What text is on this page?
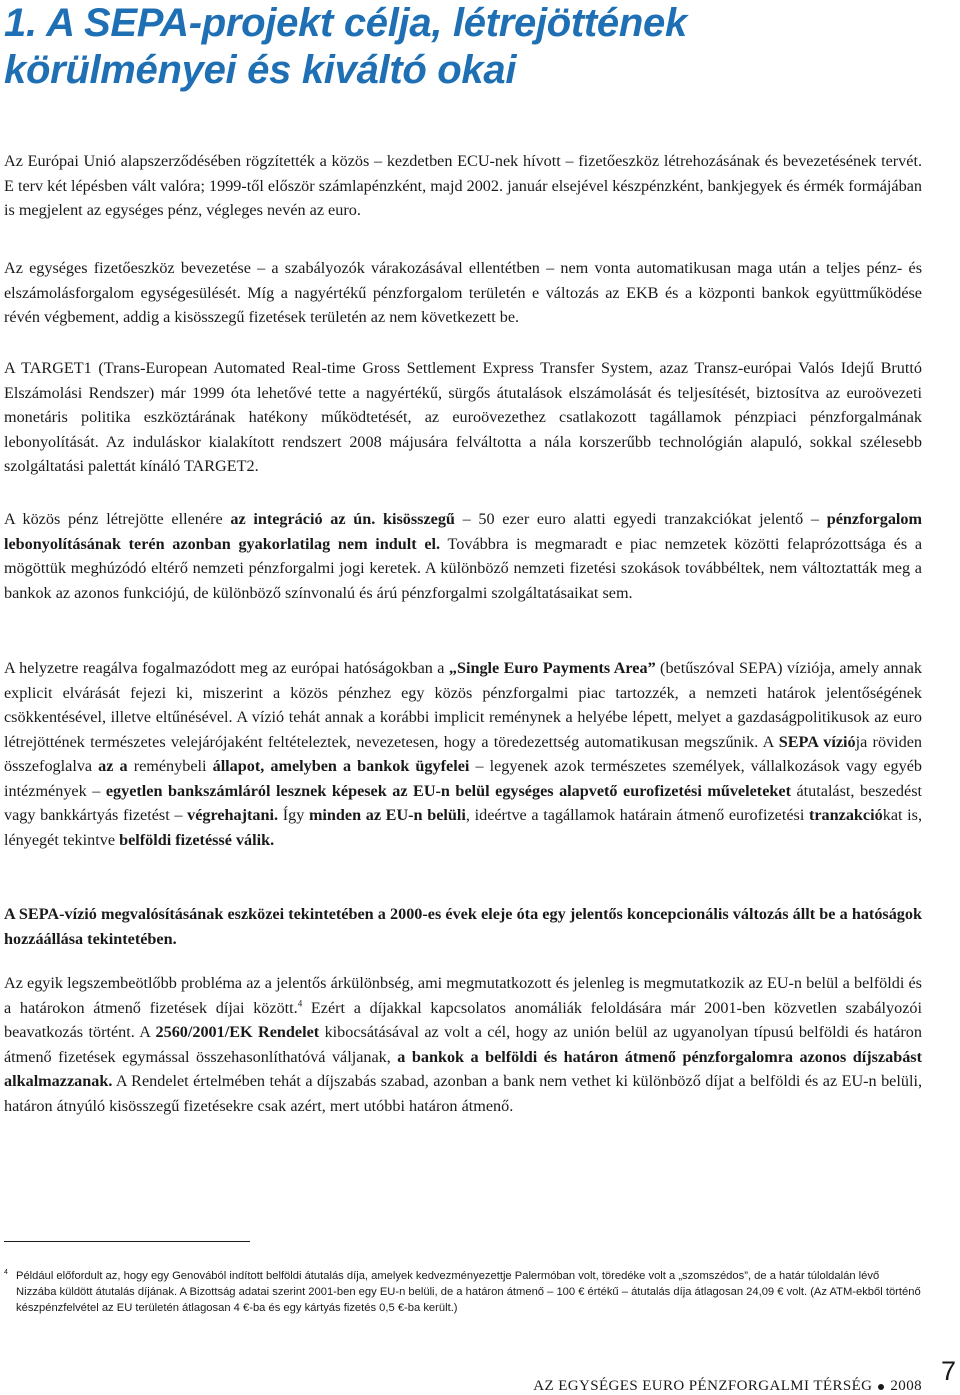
1. A SEPA-projekt célja, létrejöttének
körülményei és kiváltó okai

Az Európai Unió alapszerződésében rögzítették a közös – kezdetben ECU-nek hívott – fizetőeszköz létrehozásának és bevezetésének tervét. E terv két lépésben vált valóra; 1999-től először számlapénzként, majd 2002. január elsejével készpénzként, bankjegyek és érmék formájában is megjelent az egységes pénz, végleges nevén az euro.

Az egységes fizetőeszköz bevezetése – a szabályozók várakozásával ellentétben – nem vonta automatikusan maga után a teljes pénz- és elszámolásforgalom egységesülését. Míg a nagyértékű pénzforgalom területén e változás az EKB és a központi bankok együttműködése révén végbement, addig a kisösszegű fizetések területén az nem következett be.

A TARGET1 (Trans-European Automated Real-time Gross Settlement Express Transfer System, azaz Transz-európai Valós Idejű Bruttó Elszámolási Rendszer) már 1999 óta lehetővé tette a nagyértékű, sürgős átutalások elszámolását és teljesítését, biztosítva az euroövezeti monetáris politika eszköztárának hatékony működtetését, az euroövezethez csatlakozott tagállamok pénzpiaci pénzforgalmának lebonyolítását. Az induláskor kialakított rendszert 2008 májusára felváltotta a nála korszerűbb technológián alapuló, sokkal szélesebb szolgáltatási palettát kínáló TARGET2.

A közös pénz létrejötte ellenére az integráció az ún. kisösszegű – 50 ezer euro alatti egyedi tranzakciókat jelentő – pénzforgalom lebonyolításának terén azonban gyakorlatilag nem indult el. Továbbra is megmaradt e piac nemzetek közötti felaprózottsága és a mögöttük meghúzódó eltérő nemzeti pénzforgalmi jogi keretek. A különböző nemzeti fizetési szokások továbbéltek, nem változtatták meg a bankok az azonos funkciójú, de különböző színvonalú és árú pénzforgalmi szolgáltatásaikat sem.

A helyzetre reagálva fogalmazódott meg az európai hatóságokban a „Single Euro Payments Area” (betűszóval SEPA) víziója, amely annak explicit elvárását fejezi ki, miszerint a közös pénzhez egy közös pénzforgalmi piac tartozzék, a nemzeti határok jelentőségének csökkentésével, illetve eltűnésével. A vízió tehát annak a korábbi implicit reménynek a helyébe lépett, melyet a gazdaságpolitikusok az euro létrejöttének természetes velejárójaként feltételeztek, nevezetesen, hogy a töredezettség automatikusan megszűnik. A SEPA víziója röviden összefoglalva az a reménybeli állapot, amelyben a bankok ügyfelei – legyenek azok természetes személyek, vállalkozások vagy egyéb intézmények – egyetlen bankszámláról lesznek képesek az EU-n belül egységes alapvető eurofizetési műveleteket átutalást, beszedést vagy bankkártyás fizetést – végrehajtani. Így minden az EU-n belüli, ideértve a tagállamok határain átmenő eurofizetési tranzakciókat is, lényegét tekintve belföldi fizetéssé válik.

A SEPA-vízió megvalósításának eszközei tekintetében a 2000-es évek eleje óta egy jelentős koncepcionális változás állt be a hatóságok hozzáállása tekintetében.

Az egyik legszembeötlőbb probléma az a jelentős árkülönbség, ami megmutatkozott és jelenleg is megmutatkozik az EU-n belül a belföldi és a határokon átmenő fizetések díjai között.$^4$ Ezért a díjakkal kapcsolatos anomáliák feloldására már 2001-ben közvetlen szabályozói beavatkozás történt. A 2560/2001/EK Rendelet kibocsátásával az volt a cél, hogy az unión belül az ugyanolyan típusú belföldi és határon átmenő fizetések egymással összehasonlíthatóvá váljanak, a bankok a belföldi és határon átmenő pénzforgalomra azonos díjszabást alkalmazzanak. A Rendelet értelmében tehát a díjszabás szabad, azonban a bank nem vethet ki különböző díjat a belföldi és az EU-n belüli, határon átnyúló kisösszegű fizetésekre csak azért, mert utóbbi határon átmenő.

4 Például előfordult az, hogy egy Genovából indított belföldi átutalás díja, amelyek kedvezményezettje Palermóban volt, töredéke volt a „szomszédos”, de a határ túloldalán lévő Nizzába küldött átutalás díjának. A Bizottság adatai szerint 2001-ben egy EU-n belüli, de a határon átmenő – 100 € értékű – átutalás díja átlagosan 24,09 € volt. (Az ATM-ekből történő készpénzfelvétel az EU területén átlagosan 4 €-ba és egy kártyás fizetés 0,5 €-ba került.)

AZ EGYSÉGES EURO PÉNZFORGALMI TÉRSÉG 2008 7
